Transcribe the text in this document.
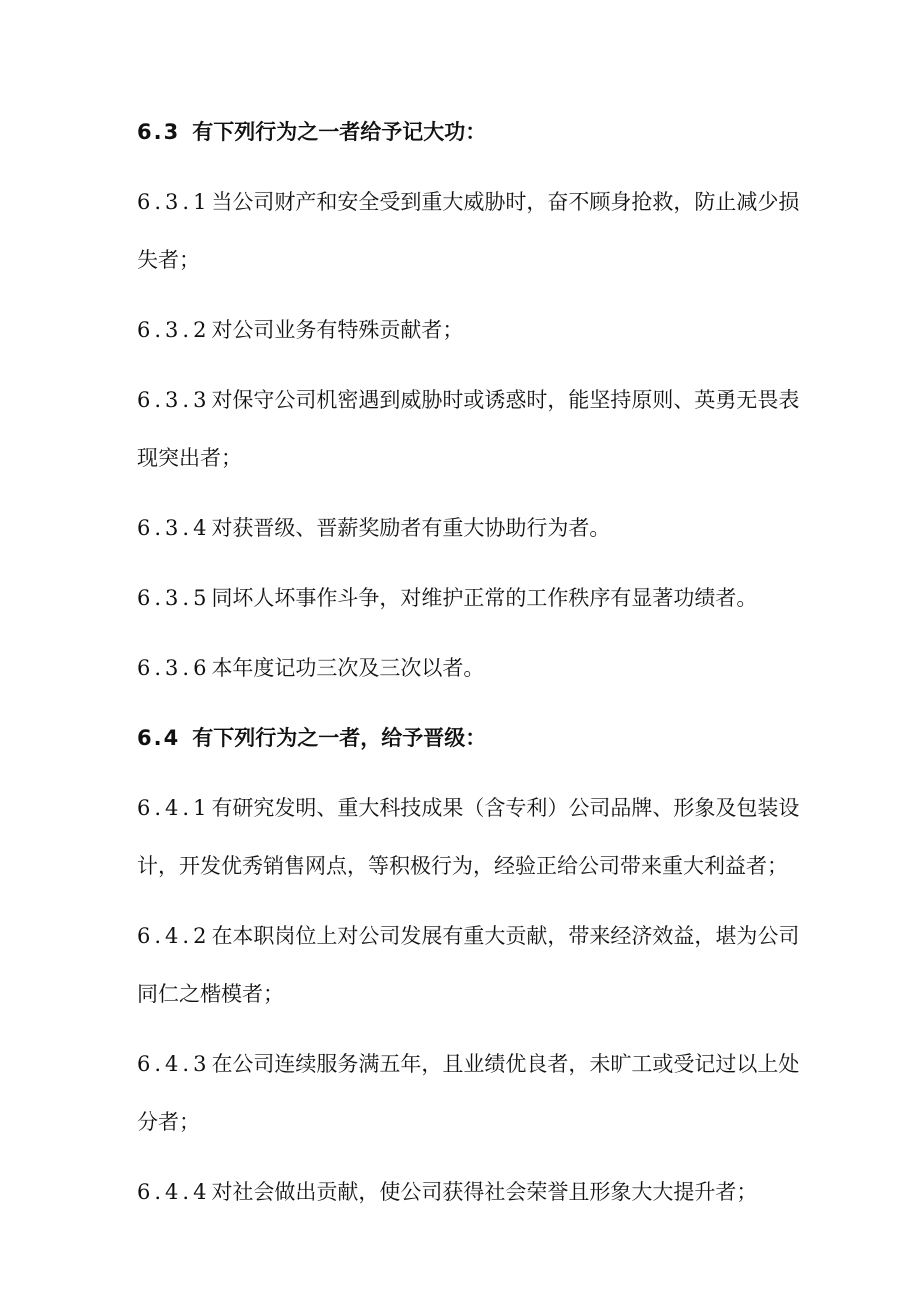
6.3 有下列行为之一者给予记大功：

6.3.1当公司财产和安全受到重大威胁时，奋不顾身抢救，防止减少损失者；

6.3.2对公司业务有特殊贡献者；

6.3.3对保守公司机密遇到威胁时或诱惑时，能坚持原则、英勇无畏表现突出者；

6.3.4对获晋级、晋薪奖励者有重大协助行为者。

6.3.5同坏人坏事作斗争，对维护正常的工作秩序有显著功绩者。

6.3.6本年度记功三次及三次以者。

6.4 有下列行为之一者，给予晋级：

6.4.1有研究发明、重大科技成果（含专利）公司品牌、形象及包装设计，开发优秀销售网点，等积极行为，经验正给公司带来重大利益者；

6.4.2在本职岗位上对公司发展有重大贡献，带来经济效益，堪为公司同仁之楷模者；

6.4.3在公司连续服务满五年，且业绩优良者，未旷工或受记过以上处分者；

6.4.4对社会做出贡献，使公司获得社会荣誉且形象大大提升者；
